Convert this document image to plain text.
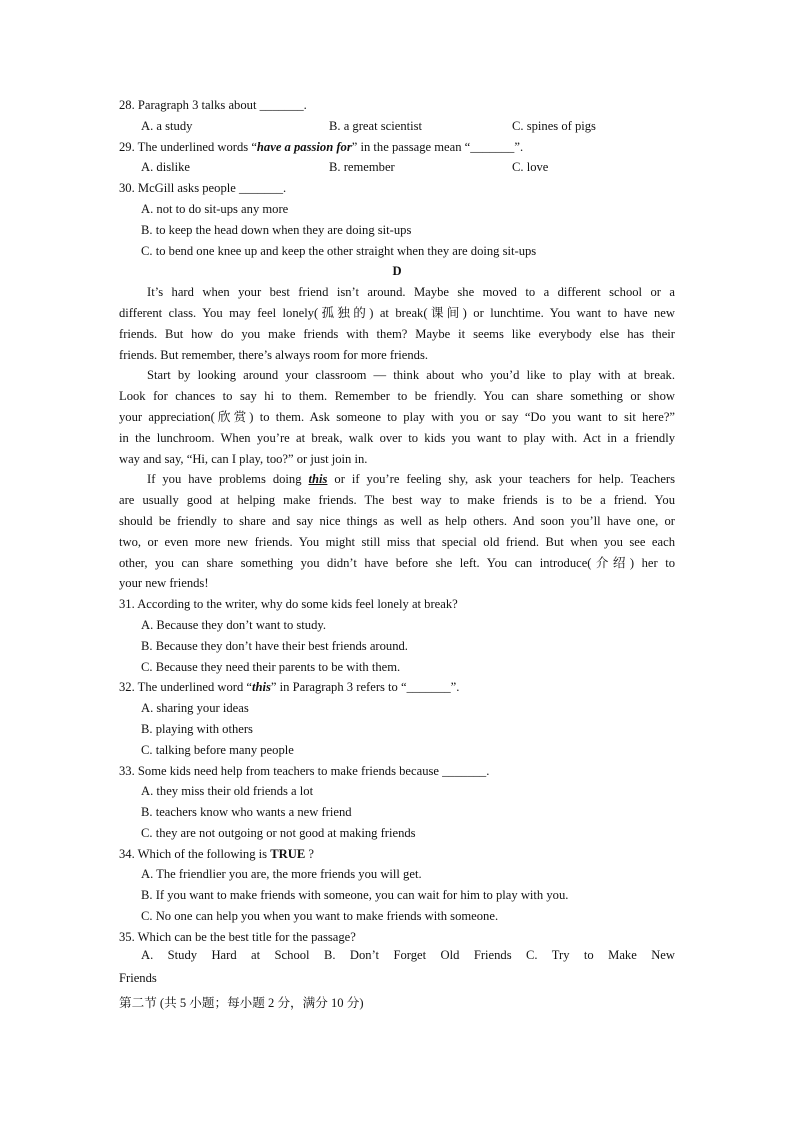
28. Paragraph 3 talks about _______.
A. a study	B. a great scientist	C. spines of pigs
29. The underlined words “have a passion for” in the passage mean “_______”.
A. dislike	B. remember	C. love
30. McGill asks people _______.
A. not to do sit-ups any more
B. to keep the head down when they are doing sit-ups
C. to bend one knee up and keep the other straight when they are doing sit-ups
D
It’s hard when your best friend isn’t around. Maybe she moved to a different school or a
different class. You may feel lonely(孤独的) at break(课间) or lunchtime. You want to have new
friends. But how do you make friends with them? Maybe it seems like everybody else has their
friends. But remember, there’s always room for more friends.
Start by looking around your classroom — think about who you’d like to play with at break.
Look for chances to say hi to them. Remember to be friendly. You can share something or show
your appreciation(欣赏) to them. Ask someone to play with you or say “Do you want to sit here?”
in the lunchroom. When you’re at break, walk over to kids you want to play with. Act in a friendly
way and say, “Hi, can I play, too?” or just join in.
If you have problems doing this or if you’re feeling shy, ask your teachers for help. Teachers
are usually good at helping make friends. The best way to make friends is to be a friend. You
should be friendly to share and say nice things as well as help others. And soon you’ll have one, or
two, or even more new friends. You might still miss that special old friend. But when you see each
other, you can share something you didn’t have before she left. You can introduce(介绍) her to
your new friends!
31. According to the writer, why do some kids feel lonely at break?
A. Because they don’t want to study.
B. Because they don’t have their best friends around.
C. Because they need their parents to be with them.
32. The underlined word “this” in Paragraph 3 refers to “_______”.
A. sharing your ideas
B. playing with others
C. talking before many people
33. Some kids need help from teachers to make friends because _______.
A. they miss their old friends a lot
B. teachers know who wants a new friend
C. they are not outgoing or not good at making friends
34. Which of the following is TRUE ?
A. The friendlier you are, the more friends you will get.
B. If you want to make friends with someone, you can wait for him to play with you.
C. No one can help you when you want to make friends with someone.
35. Which can be the best title for the passage?
A. Study Hard at School B. Don’t Forget Old Friends C. Try to Make New
Friends
第二节 (共 5 小题；每小题 2 分，满分 10 分)
